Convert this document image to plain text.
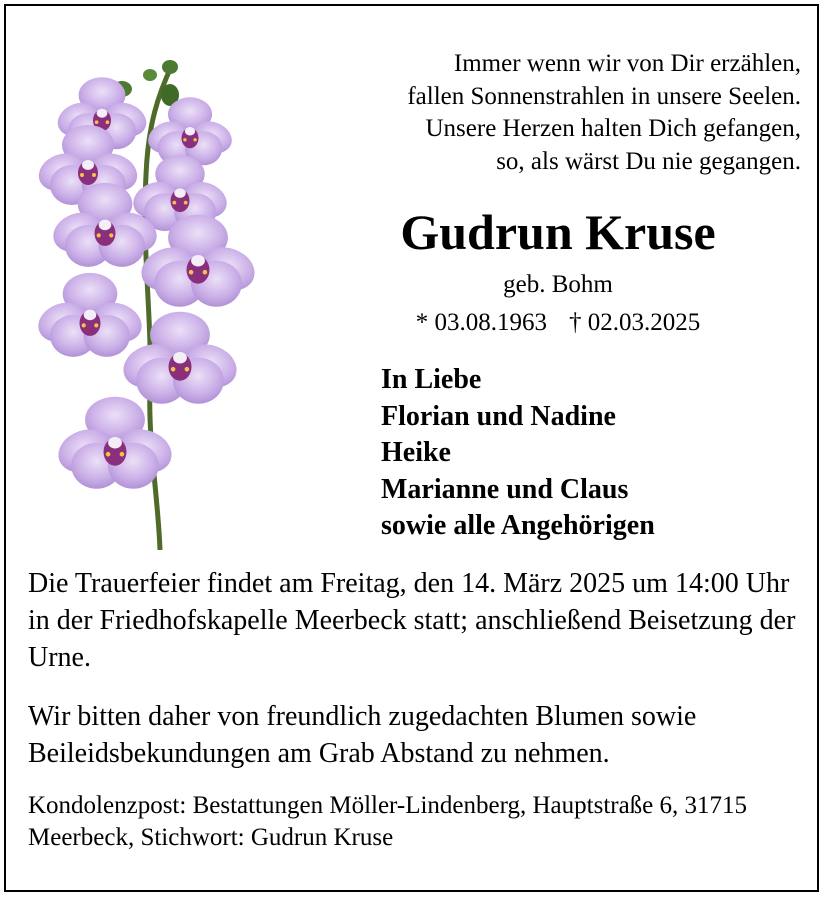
Immer wenn wir von Dir erzählen,
fallen Sonnenstrahlen in unsere Seelen.
Unsere Herzen halten Dich gefangen,
so, als wärst Du nie gegangen.
Gudrun Kruse
geb. Bohm
* 03.08.1963 † 02.03.2025
In Liebe
Florian und Nadine
Heike
Marianne und Claus
sowie alle Angehörigen
Die Trauerfeier findet am Freitag, den 14. März 2025 um 14:00 Uhr in der Friedhofskapelle Meerbeck statt; anschließend Beisetzung der Urne.
Wir bitten daher von freundlich zugedachten Blumen sowie Beileidsbekundungen am Grab Abstand zu nehmen.
Kondolenzpost: Bestattungen Möller-Lindenberg, Hauptstraße 6, 31715 Meerbeck, Stichwort: Gudrun Kruse
